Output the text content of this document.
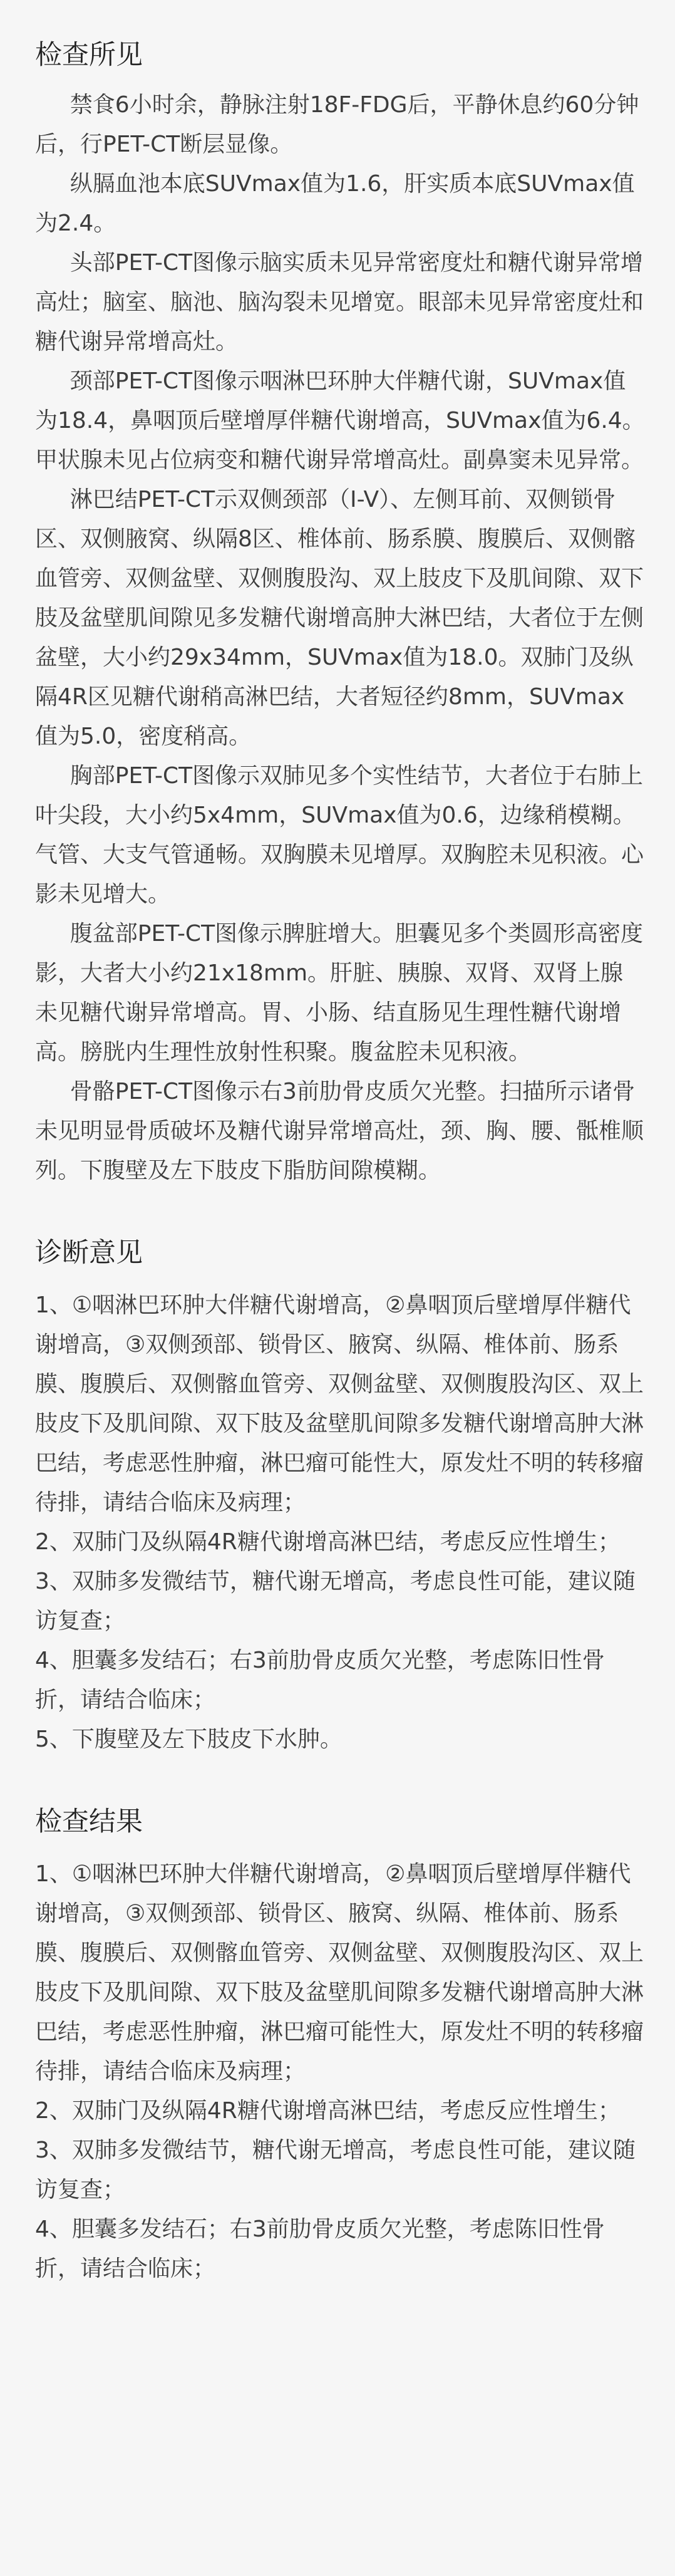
检查所见

禁食6小时余，静脉注射18F-FDG后，平静休息约60分钟后，行PET-CT断层显像。

纵膈血池本底SUVmax值为1.6，肝实质本底SUVmax值为2.4。

头部PET-CT图像示脑实质未见异常密度灶和糖代谢异常增高灶；脑室、脑池、脑沟裂未见增宽。眼部未见异常密度灶和糖代谢异常增高灶。

颈部PET-CT图像示咽淋巴环肿大伴糖代谢，SUVmax值为18.4，鼻咽顶后壁增厚伴糖代谢增高，SUVmax值为6.4。甲状腺未见占位病变和糖代谢异常增高灶。副鼻窦未见异常。

淋巴结PET-CT示双侧颈部（I-V）、左侧耳前、双侧锁骨区、双侧腋窝、纵隔8区、椎体前、肠系膜、腹膜后、双侧髂血管旁、双侧盆壁、双侧腹股沟、双上肢皮下及肌间隙、双下肢及盆壁肌间隙见多发糖代谢增高肿大淋巴结，大者位于左侧盆壁，大小约29x34mm，SUVmax值为18.0。双肺门及纵隔4R区见糖代谢稍高淋巴结，大者短径约8mm，SUVmax值为5.0，密度稍高。

胸部PET-CT图像示双肺见多个实性结节，大者位于右肺上叶尖段，大小约5x4mm，SUVmax值为0.6，边缘稍模糊。气管、大支气管通畅。双胸膜未见增厚。双胸腔未见积液。心影未见增大。

腹盆部PET-CT图像示脾脏增大。胆囊见多个类圆形高密度影，大者大小约21x18mm。肝脏、胰腺、双肾、双肾上腺未见糖代谢异常增高。胃、小肠、结直肠见生理性糖代谢增高。膀胱内生理性放射性积聚。腹盆腔未见积液。

骨骼PET-CT图像示右3前肋骨皮质欠光整。扫描所示诸骨未见明显骨质破坏及糖代谢异常增高灶，颈、胸、腰、骶椎顺列。下腹壁及左下肢皮下脂肪间隙模糊。

诊断意见

1、①咽淋巴环肿大伴糖代谢增高，②鼻咽顶后壁增厚伴糖代谢增高，③双侧颈部、锁骨区、腋窝、纵隔、椎体前、肠系膜、腹膜后、双侧髂血管旁、双侧盆壁、双侧腹股沟区、双上肢皮下及肌间隙、双下肢及盆壁肌间隙多发糖代谢增高肿大淋巴结，考虑恶性肿瘤，淋巴瘤可能性大，原发灶不明的转移瘤待排，请结合临床及病理；

2、双肺门及纵隔4R糖代谢增高淋巴结，考虑反应性增生；

3、双肺多发微结节，糖代谢无增高，考虑良性可能，建议随访复查；

4、胆囊多发结石；右3前肋骨皮质欠光整，考虑陈旧性骨折，请结合临床；

5、下腹壁及左下肢皮下水肿。

检查结果

1、①咽淋巴环肿大伴糖代谢增高，②鼻咽顶后壁增厚伴糖代谢增高，③双侧颈部、锁骨区、腋窝、纵隔、椎体前、肠系膜、腹膜后、双侧髂血管旁、双侧盆壁、双侧腹股沟区、双上肢皮下及肌间隙、双下肢及盆壁肌间隙多发糖代谢增高肿大淋巴结，考虑恶性肿瘤，淋巴瘤可能性大，原发灶不明的转移瘤待排，请结合临床及病理；

2、双肺门及纵隔4R糖代谢增高淋巴结，考虑反应性增生；

3、双肺多发微结节，糖代谢无增高，考虑良性可能，建议随访复查；

4、胆囊多发结石；右3前肋骨皮质欠光整，考虑陈旧性骨折，请结合临床；
